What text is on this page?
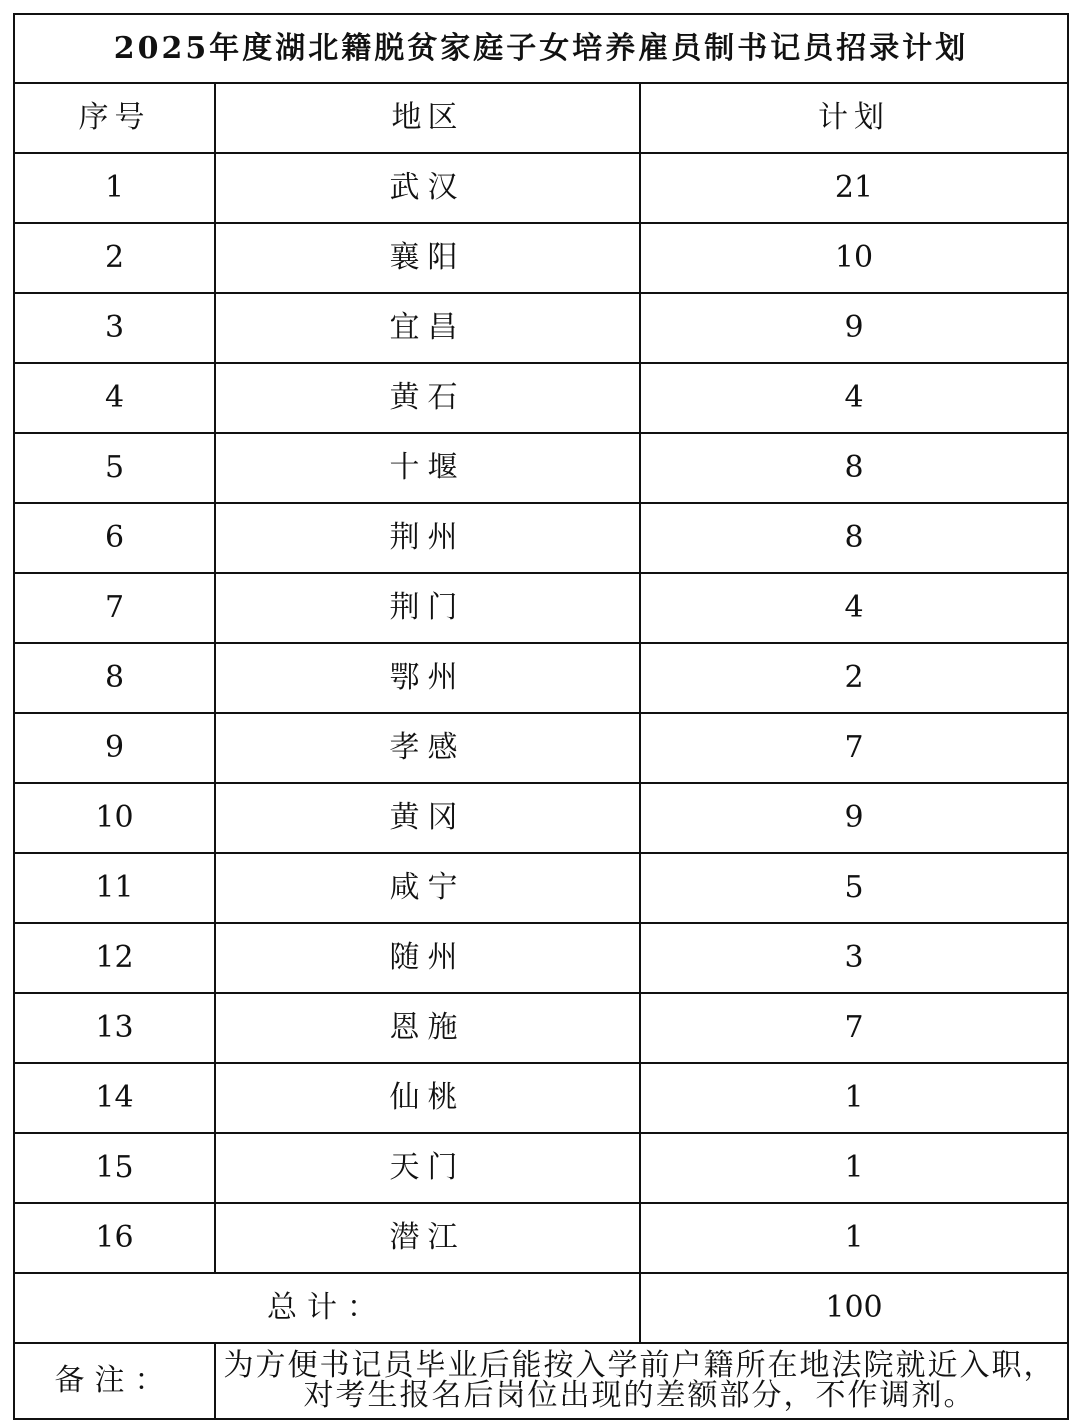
2025年度湖北籍脱贫家庭子女培养雇员制书记员招录计划		
序号	地区	计划
1	武汉	21
2	襄阳	10
3	宜昌	9
4	黄石	4
5	十堰	8
6	荆州	8
7	荆门	4
8	鄂州	2
9	孝感	7
10	黄冈	9
11	咸宁	5
12	随州	3
13	恩施	7
14	仙桃	1
15	天门	1
16	潜江	1
总计：		100
备注：	为方便书记员毕业后能按入学前户籍所在地法院就近入职，对考生报名后岗位出现的差额部分，不作调剂。	
